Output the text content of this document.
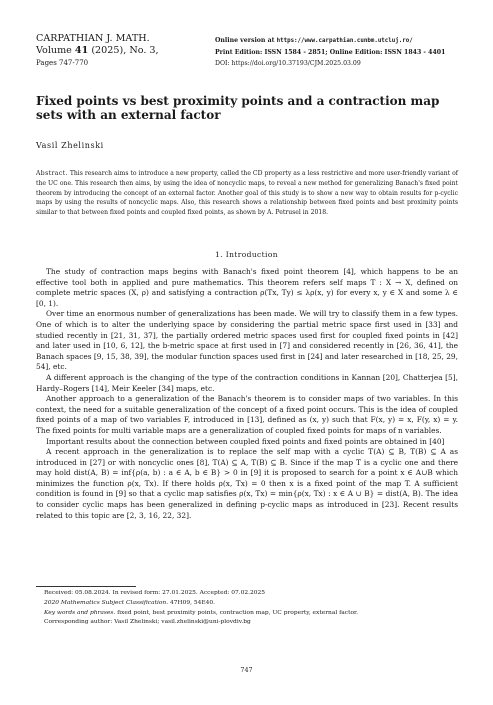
CARPATHIAN J. MATH.
Volume 41 (2025), No. 3,
Pages 747-770
Online version at https://www.carpathian.cunbm.utcluj.ro/
Print Edition: ISSN 1584 - 2851; Online Edition: ISSN 1843 - 4401
DOI: https://doi.org/10.37193/CJM.2025.03.09
Fixed points vs best proximity points and a contraction map sets with an external factor
Vasil Zhelinski
Abstract. This research aims to introduce a new property, called the CD property as a less restrictive and more user-friendly variant of the UC one. This research then aims, by using the idea of noncyclic maps, to reveal a new method for generalizing Banach's fixed point theorem by introducing the concept of an external factor. Another goal of this study is to show a new way to obtain results for p-cyclic maps by using the results of noncyclic maps. Also, this research shows a relationship between fixed points and best proximity points similar to that between fixed points and coupled fixed points, as shown by A. Petrusel in 2018.
1. Introduction

The study of contraction maps begins with Banach's fixed point theorem [4], which happens to be an effective tool both in applied and pure mathematics. This theorem refers self maps T : X → X, defined on complete metric spaces (X, ρ) and satisfying a contraction ρ(Tx, Ty) ≤ λρ(x, y) for every x, y ∈ X and some λ ∈ [0, 1).

Over time an enormous number of generalizations has been made. We will try to classify them in a few types. One of which is to alter the underlying space by considering the partial metric space first used in [33] and studied recently in [21, 31, 37], the partially ordered metric spaces used first for coupled fixed points in [42] and later used in [10, 6, 12], the b-metric space at first used in [7] and considered recently in [26, 36, 41], the Banach spaces [9, 15, 38, 39], the modular function spaces used first in [24] and later researched in [18, 25, 29, 54], etc.

A different approach is the changing of the type of the contraction conditions in Kannan [20], Chatterjea [5], Hardy–Rogers [14], Meir Keeler [34] maps, etc.

Another approach to a generalization of the Banach's theorem is to consider maps of two variables. In this context, the need for a suitable generalization of the concept of a fixed point occurs. This is the idea of coupled fixed points of a map of two variables F, introduced in [13], defined as (x, y) such that F(x, y) = x, F(y, x) = y. The fixed points for multi variable maps are a generalization of coupled fixed points for maps of n variables.

Important results about the connection between coupled fixed points and fixed points are obtained in [40]

A recent approach in the generalization is to replace the self map with a cyclic T(A) ⊆ B, T(B) ⊆ A as introduced in [27] or with noncyclic ones [8], T(A) ⊆ A, T(B) ⊆ B. Since if the map T is a cyclic one and there may hold dist(A, B) = inf{ρ(a, b) : a ∈ A, b ∈ B} > 0 in [9] it is proposed to search for a point x ∈ A∪B which minimizes the function ρ(x, Tx). If there holds ρ(x, Tx) = 0 then x is a fixed point of the map T. A sufficient condition is found in [9] so that a cyclic map satisfies ρ(x, Tx) = min{ρ(x, Tx) : x ∈ A ∪ B} = dist(A, B). The idea to consider cyclic maps has been generalized in defining p-cyclic maps as introduced in [23]. Recent results related to this topic are [2, 3, 16, 22, 32].

Received: 05.08.2024. In revised form: 27.01.2025. Accepted: 07.02.2025
2020 Mathematics Subject Classification. 47H09, 54E40.
Key words and phrases. fixed point, best proximity points, contraction map, UC property, external factor.
Corresponding author: Vasil Zhelinski; vasil.zhelinski@uni-plovdiv.bg
747
